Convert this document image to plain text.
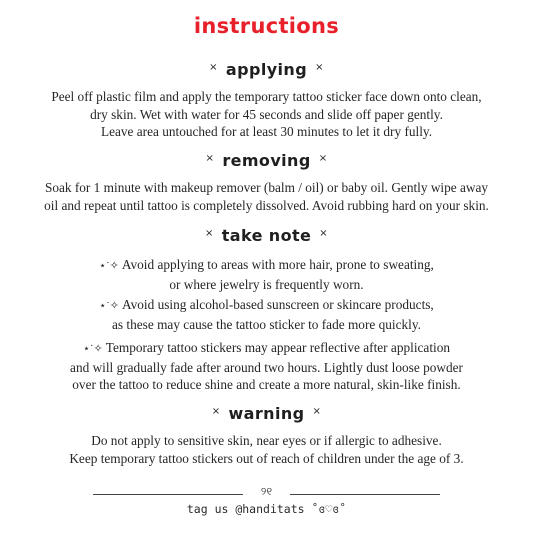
instructions
× applying ×
Peel off plastic film and apply the temporary tattoo sticker face down onto clean,
dry skin. Wet with water for 45 seconds and slide off paper gently.
Leave area untouched for at least 30 minutes to let it dry fully.
× removing ×
Soak for 1 minute with makeup remover (balm / oil) or baby oil. Gently wipe away
oil and repeat until tattoo is completely dissolved. Avoid rubbing hard on your skin.
× take note ×
⋆˙✧ Avoid applying to areas with more hair, prone to sweating,
or where jewelry is frequently worn.
⋆˙✧ Avoid using alcohol-based sunscreen or skincare products,
as these may cause the tattoo sticker to fade more quickly.
⋆˙✧ Temporary tattoo stickers may appear reflective after application
and will gradually fade after around two hours. Lightly dust loose powder
over the tattoo to reduce shine and create a more natural, skin-like finish.
× warning ×
Do not apply to sensitive skin, near eyes or if allergic to adhesive.
Keep temporary tattoo stickers out of reach of children under the age of 3.
୨୧
tag us @handitats ˚ɞ♡ɞ˚
